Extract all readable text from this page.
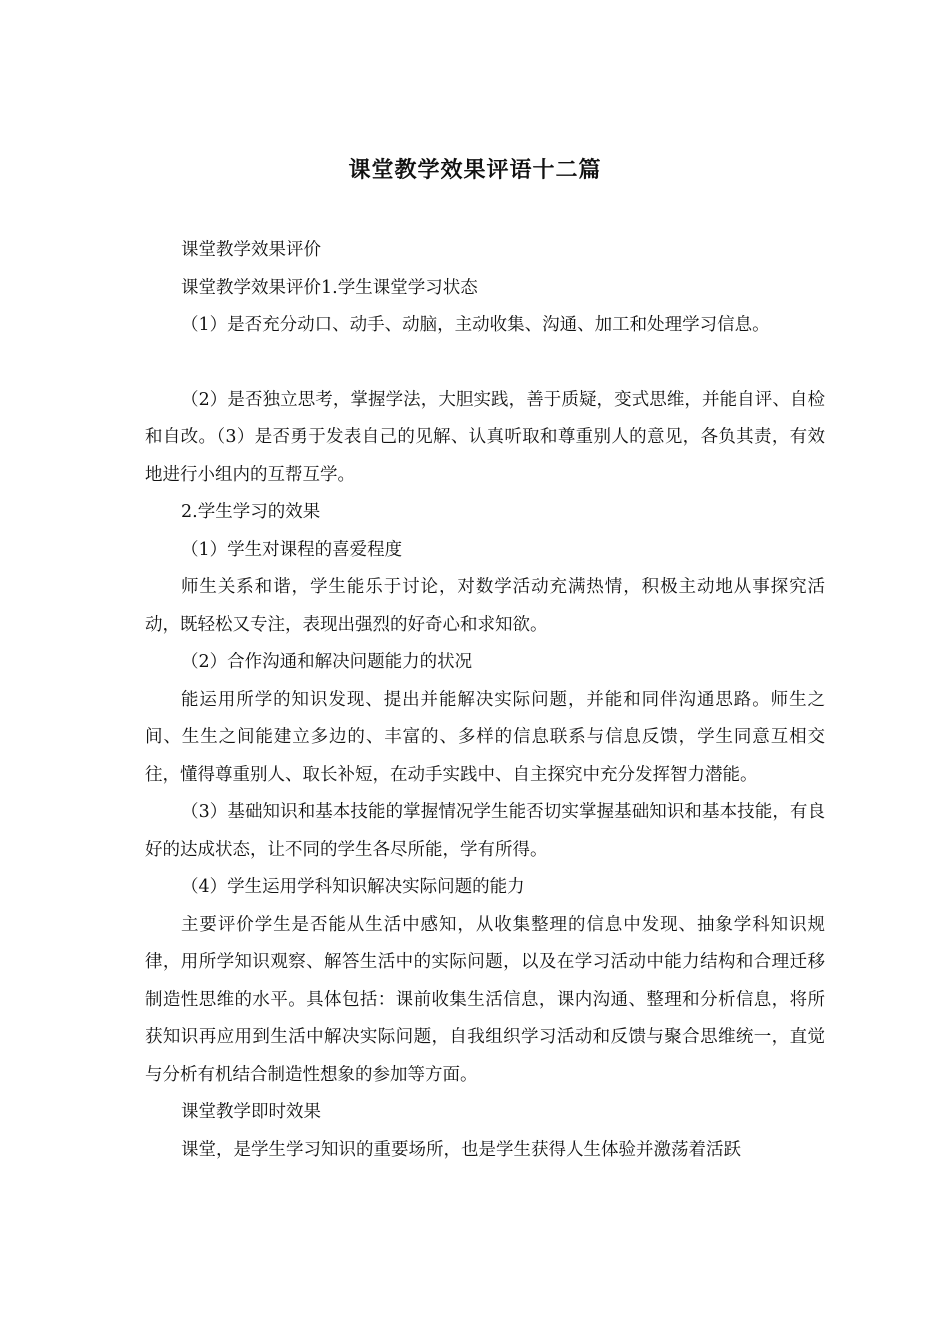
课堂教学效果评语十二篇

课堂教学效果评价

课堂教学效果评价1.学生课堂学习状态

（1）是否充分动口、动手、动脑，主动收集、沟通、加工和处理学习信息。

（2）是否独立思考，掌握学法，大胆实践，善于质疑，变式思维，并能自评、自检和自改。（3）是否勇于发表自己的见解、认真听取和尊重别人的意见，各负其责，有效地进行小组内的互帮互学。

2.学生学习的效果

（1）学生对课程的喜爱程度

师生关系和谐，学生能乐于讨论，对数学活动充满热情，积极主动地从事探究活动，既轻松又专注，表现出强烈的好奇心和求知欲。

（2）合作沟通和解决问题能力的状况

能运用所学的知识发现、提出并能解决实际问题，并能和同伴沟通思路。师生之间、生生之间能建立多边的、丰富的、多样的信息联系与信息反馈，学生同意互相交往，懂得尊重别人、取长补短，在动手实践中、自主探究中充分发挥智力潜能。

（3）基础知识和基本技能的掌握情况学生能否切实掌握基础知识和基本技能，有良好的达成状态，让不同的学生各尽所能，学有所得。

（4）学生运用学科知识解决实际问题的能力

主要评价学生是否能从生活中感知，从收集整理的信息中发现、抽象学科知识规律，用所学知识观察、解答生活中的实际问题，以及在学习活动中能力结构和合理迁移制造性思维的水平。具体包括：课前收集生活信息，课内沟通、整理和分析信息，将所获知识再应用到生活中解决实际问题，自我组织学习活动和反馈与聚合思维统一，直觉与分析有机结合制造性想象的参加等方面。

课堂教学即时效果

课堂，是学生学习知识的重要场所，也是学生获得人生体验并激荡着活跃
